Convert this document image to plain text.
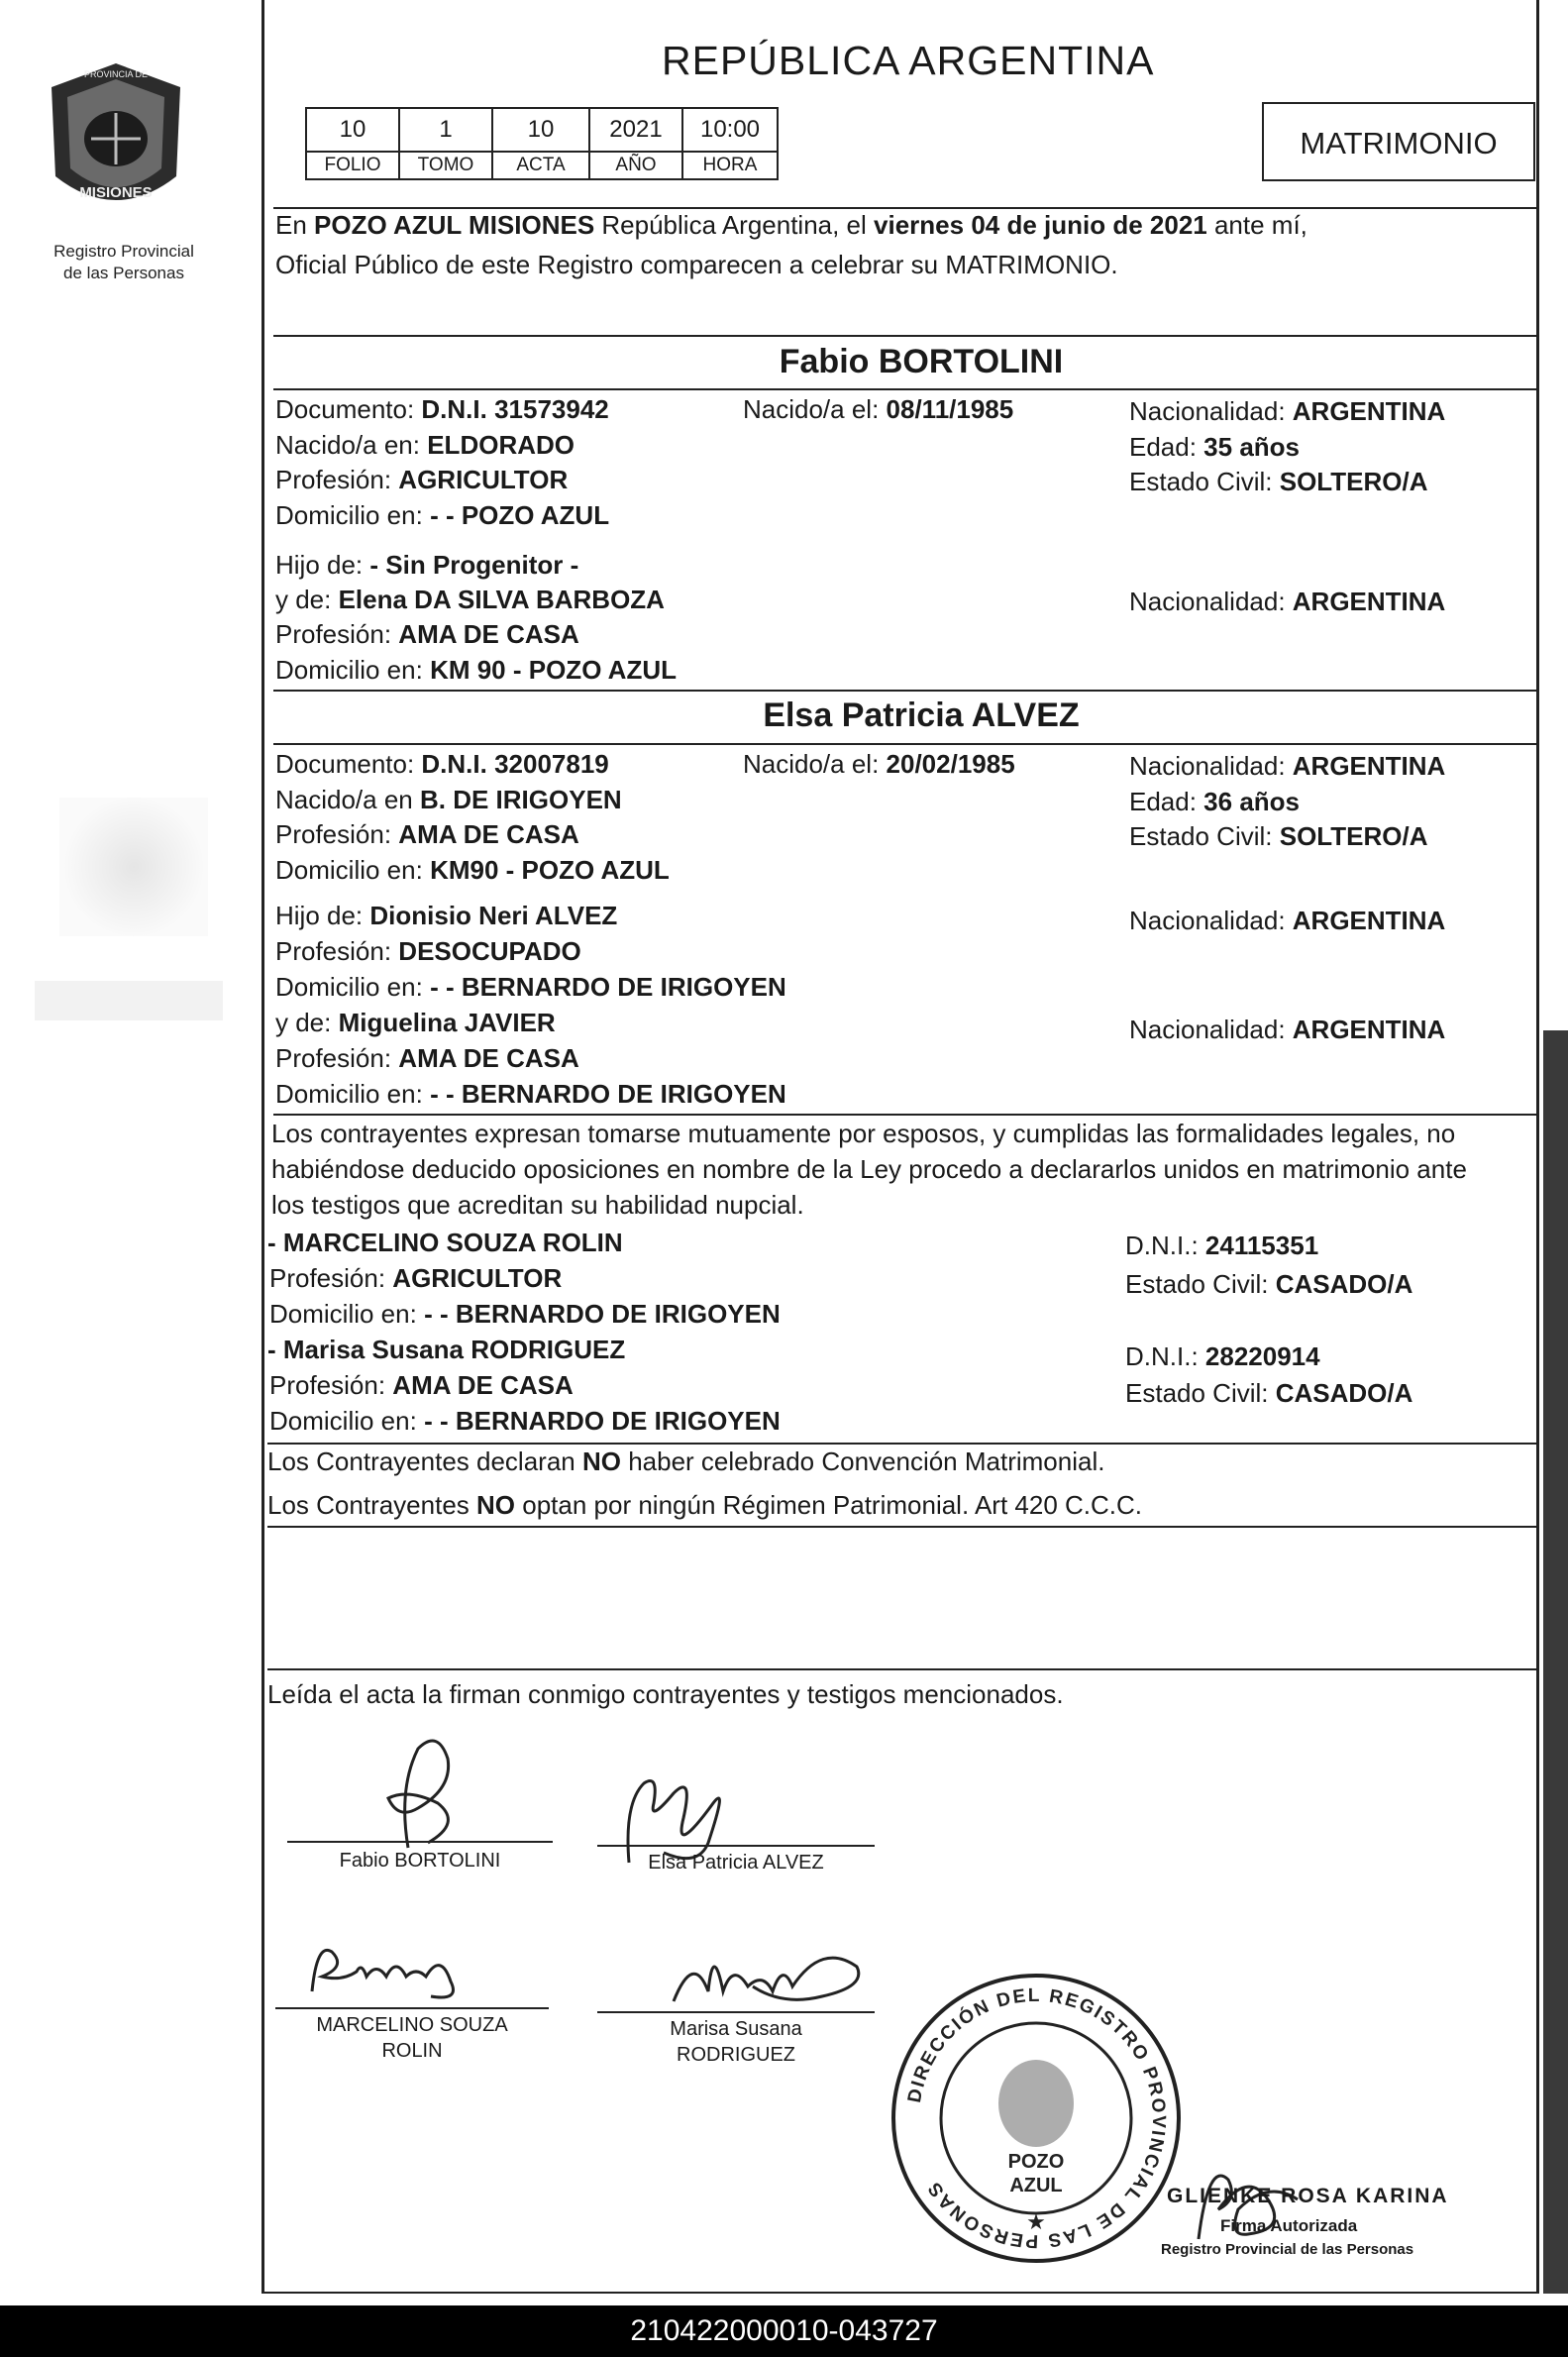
PROVINCIA DE
MISIONES
Registro Provincial
de las Personas
REPÚBLICA ARGENTINA
10	1	10	2021	10:00
FOLIO	TOMO	ACTA	AÑO	HORA
MATRIMONIO
En POZO AZUL MISIONES República Argentina, el viernes 04 de junio de 2021 ante mí,
Oficial Público de este Registro comparecen a celebrar su MATRIMONIO.
Fabio BORTOLINI
Documento: D.N.I. 31573942	Nacido/a el: 08/11/1985	Nacionalidad: ARGENTINA
Nacido/a en: ELDORADO	Edad: 35 años
Profesión: AGRICULTOR	Estado Civil: SOLTERO/A
Domicilio en: - - POZO AZUL
Hijo de: - Sin Progenitor -
y de: Elena DA SILVA BARBOZA	Nacionalidad: ARGENTINA
Profesión: AMA DE CASA
Domicilio en: KM 90 - POZO AZUL
Elsa Patricia ALVEZ
Documento: D.N.I. 32007819	Nacido/a el: 20/02/1985	Nacionalidad: ARGENTINA
Nacido/a en B. DE IRIGOYEN	Edad: 36 años
Profesión: AMA DE CASA	Estado Civil: SOLTERO/A
Domicilio en: KM90 - POZO AZUL
Hijo de: Dionisio Neri ALVEZ	Nacionalidad: ARGENTINA
Profesión: DESOCUPADO
Domicilio en: - - BERNARDO DE IRIGOYEN
y de: Miguelina JAVIER	Nacionalidad: ARGENTINA
Profesión: AMA DE CASA
Domicilio en: - - BERNARDO DE IRIGOYEN
Los contrayentes expresan tomarse mutuamente por esposos, y cumplidas las formalidades legales, no
habiéndose deducido oposiciones en nombre de la Ley procedo a declararlos unidos en matrimonio ante
los testigos que acreditan su habilidad nupcial.
- MARCELINO SOUZA ROLIN	D.N.I.: 24115351
Profesión: AGRICULTOR	Estado Civil: CASADO/A
Domicilio en: - - BERNARDO DE IRIGOYEN
- Marisa Susana RODRIGUEZ	D.N.I.: 28220914
Profesión: AMA DE CASA	Estado Civil: CASADO/A
Domicilio en: - - BERNARDO DE IRIGOYEN
Los Contrayentes declaran NO haber celebrado Convención Matrimonial.
Los Contrayentes NO optan por ningún Régimen Patrimonial. Art 420 C.C.C.
Leída el acta la firman conmigo contrayentes y testigos mencionados.
Fabio BORTOLINI	Elsa Patricia ALVEZ
MARCELINO SOUZA
ROLIN
Marisa Susana
RODRIGUEZ
DIRECCIÓN DEL REGISTRO PROVINCIAL DE LAS PERSONAS
POZO
AZUL
★
GLIENKE ROSA KARINA
Firma Autorizada
Registro Provincial de las Personas
210422000010-043727
